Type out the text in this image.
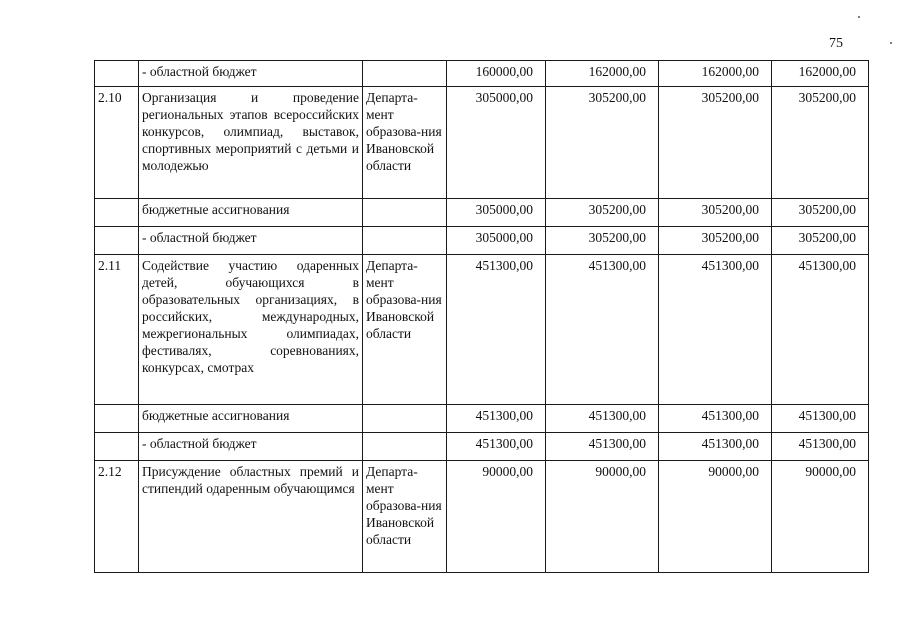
75
	- областной бюджет		160000,00	162000,00	162000,00	162000,00
2.10	Организация и проведение региональных этапов всероссийских конкурсов, олимпиад, выставок, спортивных мероприятий с детьми и молодежью	Департа-мент образова-ния Ивановской области	305000,00	305200,00	305200,00	305200,00
	бюджетные ассигнования		305000,00	305200,00	305200,00	305200,00
	- областной бюджет		305000,00	305200,00	305200,00	305200,00
2.11	Содействие участию одаренных детей, обучающихся в образовательных организациях, в российских, международных, межрегиональных олимпиадах, фестивалях, соревнованиях, конкурсах, смотрах	Департа-мент образова-ния Ивановской области	451300,00	451300,00	451300,00	451300,00
	бюджетные ассигнования		451300,00	451300,00	451300,00	451300,00
	- областной бюджет		451300,00	451300,00	451300,00	451300,00
2.12	Присуждение областных премий и стипендий одаренным обучающимся	Департа-мент образова-ния Ивановской области	90000,00	90000,00	90000,00	90000,00
